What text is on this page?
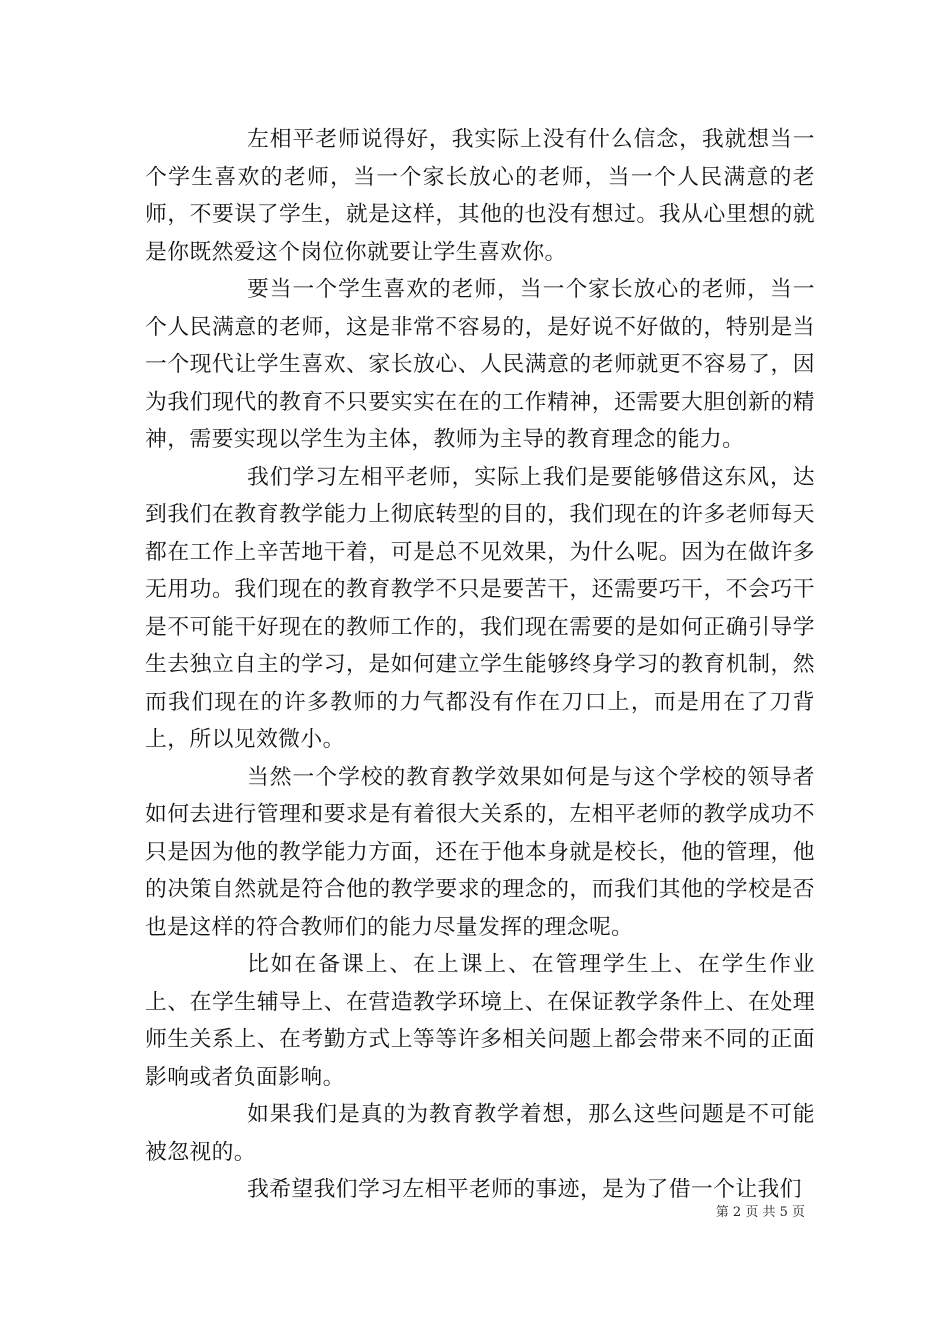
左相平老师说得好，我实际上没有什么信念，我就想当一个学生喜欢的老师，当一个家长放心的老师，当一个人民满意的老师，不要误了学生，就是这样，其他的也没有想过。我从心里想的就是你既然爱这个岗位你就要让学生喜欢你。

要当一个学生喜欢的老师，当一个家长放心的老师，当一个人民满意的老师，这是非常不容易的，是好说不好做的，特别是当一个现代让学生喜欢、家长放心、人民满意的老师就更不容易了，因为我们现代的教育不只要实实在在的工作精神，还需要大胆创新的精神，需要实现以学生为主体，教师为主导的教育理念的能力。

我们学习左相平老师，实际上我们是要能够借这东风，达到我们在教育教学能力上彻底转型的目的，我们现在的许多老师每天都在工作上辛苦地干着，可是总不见效果，为什么呢。因为在做许多无用功。我们现在的教育教学不只是要苦干，还需要巧干，不会巧干是不可能干好现在的教师工作的，我们现在需要的是如何正确引导学生去独立自主的学习，是如何建立学生能够终身学习的教育机制，然而我们现在的许多教师的力气都没有作在刀口上，而是用在了刀背上，所以见效微小。

当然一个学校的教育教学效果如何是与这个学校的领导者如何去进行管理和要求是有着很大关系的，左相平老师的教学成功不只是因为他的教学能力方面，还在于他本身就是校长，他的管理，他的决策自然就是符合他的教学要求的理念的，而我们其他的学校是否也是这样的符合教师们的能力尽量发挥的理念呢。

比如在备课上、在上课上、在管理学生上、在学生作业上、在学生辅导上、在营造教学环境上、在保证教学条件上、在处理师生关系上、在考勤方式上等等许多相关问题上都会带来不同的正面影响或者负面影响。

如果我们是真的为教育教学着想，那么这些问题是不可能被忽视的。

我希望我们学习左相平老师的事迹，是为了借一个让我们

第 2 页 共 5 页
